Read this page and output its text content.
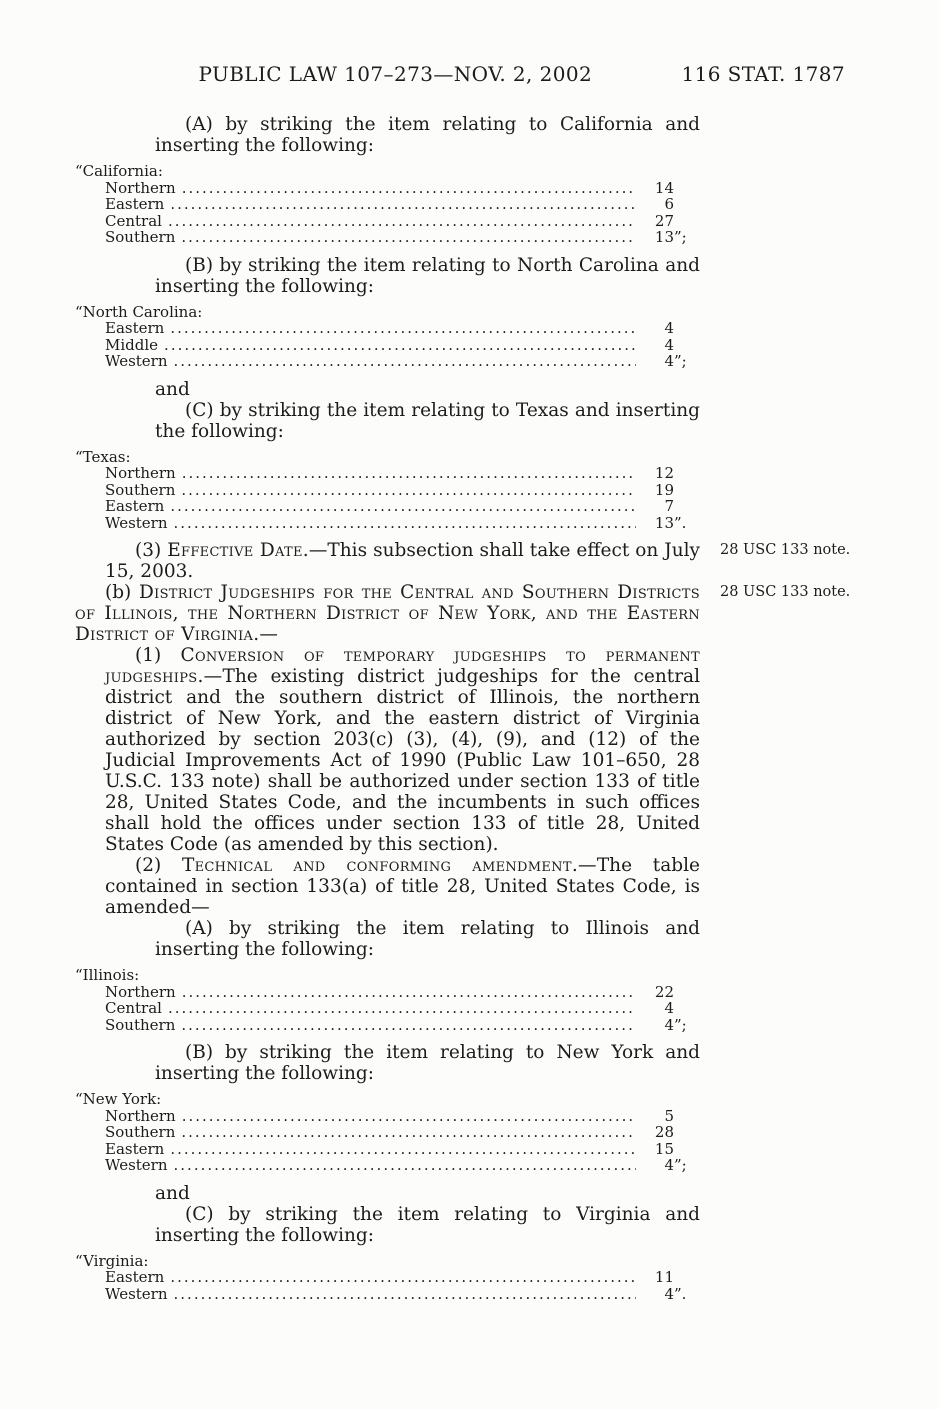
PUBLIC LAW 107–273—NOV. 2, 2002	116 STAT. 1787
(A) by striking the item relating to California and inserting the following:
“California:
Northern .....	14
Eastern .....	6
Central .....	27
Southern .....	13 ”;
(B) by striking the item relating to North Carolina and inserting the following:
“North Carolina:
Eastern .....	4
Middle .....	4
Western .....	4 ”;
and
(C) by striking the item relating to Texas and inserting the following:
“Texas:
Northern .....	12
Southern .....	19
Eastern .....	7
Western .....	13 ”.
(3) Effective Date.—This subsection shall take effect on July 15, 2003.
28 USC 133 note.
(b) District Judgeships for the Central and Southern Districts of Illinois, the Northern District of New York, and the Eastern District of Virginia.—
28 USC 133 note.
(1) Conversion of temporary judgeships to permanent judgeships.—The existing district judgeships for the central district and the southern district of Illinois, the northern district of New York, and the eastern district of Virginia authorized by section 203(c) (3), (4), (9), and (12) of the Judicial Improvements Act of 1990 (Public Law 101–650, 28 U.S.C. 133 note) shall be authorized under section 133 of title 28, United States Code, and the incumbents in such offices shall hold the offices under section 133 of title 28, United States Code (as amended by this section).
(2) Technical and conforming amendment.—The table contained in section 133(a) of title 28, United States Code, is amended—
(A) by striking the item relating to Illinois and inserting the following:
“Illinois:
Northern .....	22
Central .....	4
Southern .....	4 ”;
(B) by striking the item relating to New York and inserting the following:
“New York:
Northern .....	5
Southern .....	28
Eastern .....	15
Western .....	4 ”;
and
(C) by striking the item relating to Virginia and inserting the following:
“Virginia:
Eastern .....	11
Western .....	4 ”.
